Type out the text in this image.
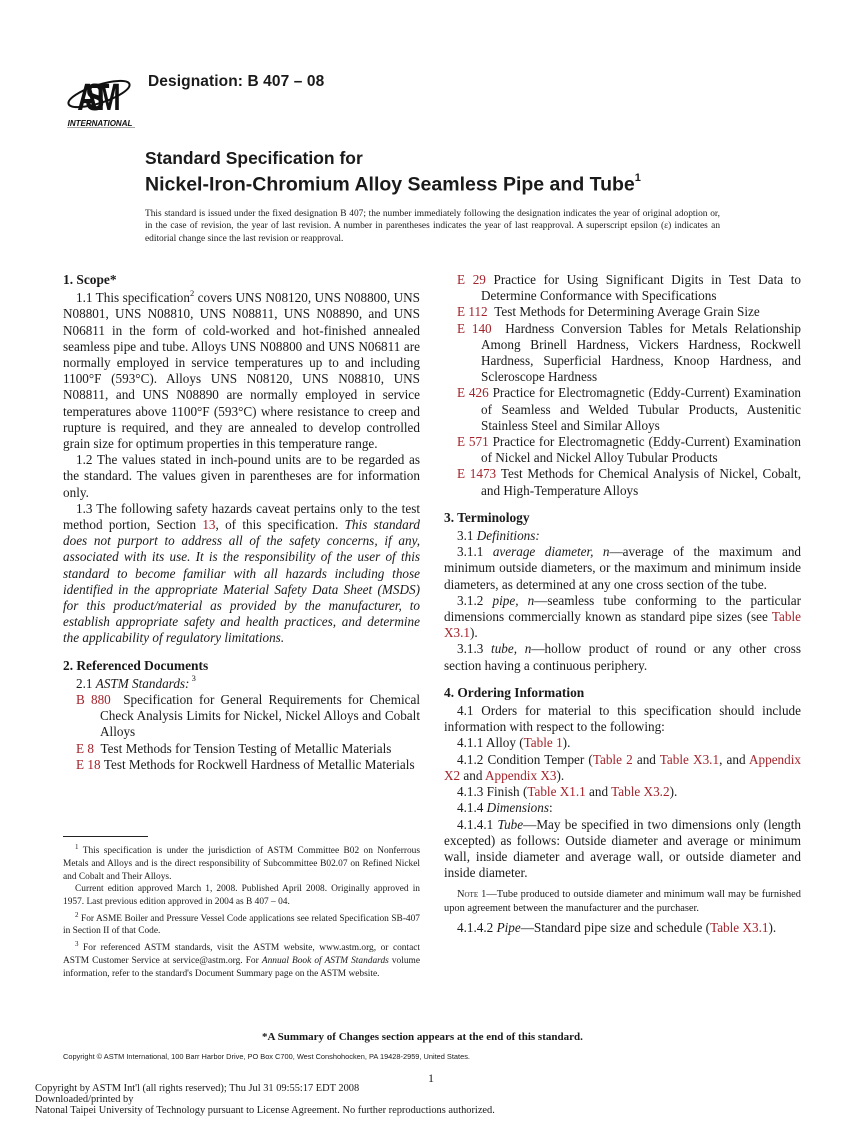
ASTM
INTERNATIONAL
Designation: B 407 – 08
Standard Specification for
Nickel-Iron-Chromium Alloy Seamless Pipe and Tube$^1$
This standard is issued under the fixed designation B 407; the number immediately following the designation indicates the year of original adoption or, in the case of revision, the year of last revision. A number in parentheses indicates the year of last reapproval. A superscript epsilon (ε) indicates an editorial change since the last revision or reapproval.

1. Scope*

1.1 This specification$^2$ covers UNS N08120, UNS N08800, UNS N08801, UNS N08810, UNS N08811, UNS N08890, and UNS N06811 in the form of cold-worked and hot-finished annealed seamless pipe and tube. Alloys UNS N08800 and UNS N06811 are normally employed in service temperatures up to and including 1100°F (593°C). Alloys UNS N08120, UNS N08810, UNS N08811, and UNS N08890 are normally employed in service temperatures above 1100°F (593°C) where resistance to creep and rupture is required, and they are annealed to develop controlled grain size for optimum properties in this temperature range.

1.2 The values stated in inch-pound units are to be regarded as the standard. The values given in parentheses are for information only.

1.3 The following safety hazards caveat pertains only to the test method portion, Section 13, of this specification. This standard does not purport to address all of the safety concerns, if any, associated with its use. It is the responsibility of the user of this standard to become familiar with all hazards including those identified in the appropriate Material Safety Data Sheet (MSDS) for this product/material as provided by the manufacturer, to establish appropriate safety and health practices, and determine the applicability of regulatory limitations.

2. Referenced Documents

2.1 ASTM Standards: $^3$

B 880 Specification for General Requirements for Chemical Check Analysis Limits for Nickel, Nickel Alloys and Cobalt Alloys

E 8 Test Methods for Tension Testing of Metallic Materials

E 18 Test Methods for Rockwell Hardness of Metallic Materials

$^1$ This specification is under the jurisdiction of ASTM Committee B02 on Nonferrous Metals and Alloys and is the direct responsibility of Subcommittee B02.07 on Refined Nickel and Cobalt and Their Alloys.

Current edition approved March 1, 2008. Published April 2008. Originally approved in 1957. Last previous edition approved in 2004 as B 407 – 04.

$^2$ For ASME Boiler and Pressure Vessel Code applications see related Specification SB-407 in Section II of that Code.

$^3$ For referenced ASTM standards, visit the ASTM website, www.astm.org, or contact ASTM Customer Service at service@astm.org. For Annual Book of ASTM Standards volume information, refer to the standard's Document Summary page on the ASTM website.

E 29 Practice for Using Significant Digits in Test Data to Determine Conformance with Specifications

E 112 Test Methods for Determining Average Grain Size

E 140 Hardness Conversion Tables for Metals Relationship Among Brinell Hardness, Vickers Hardness, Rockwell Hardness, Superficial Hardness, Knoop Hardness, and Scleroscope Hardness

E 426 Practice for Electromagnetic (Eddy-Current) Examination of Seamless and Welded Tubular Products, Austenitic Stainless Steel and Similar Alloys

E 571 Practice for Electromagnetic (Eddy-Current) Examination of Nickel and Nickel Alloy Tubular Products

E 1473 Test Methods for Chemical Analysis of Nickel, Cobalt, and High-Temperature Alloys

3. Terminology

3.1 Definitions:

3.1.1 average diameter, n—average of the maximum and minimum outside diameters, or the maximum and minimum inside diameters, as determined at any one cross section of the tube.

3.1.2 pipe, n—seamless tube conforming to the particular dimensions commercially known as standard pipe sizes (see Table X3.1).

3.1.3 tube, n—hollow product of round or any other cross section having a continuous periphery.

4. Ordering Information

4.1 Orders for material to this specification should include information with respect to the following:

4.1.1 Alloy (Table 1).

4.1.2 Condition Temper (Table 2 and Table X3.1, and Appendix X2 and Appendix X3).

4.1.3 Finish (Table X1.1 and Table X3.2).

4.1.4 Dimensions:

4.1.4.1 Tube—May be specified in two dimensions only (length excepted) as follows: Outside diameter and average or minimum wall, inside diameter and average wall, or outside diameter and inside diameter.

Note 1—Tube produced to outside diameter and minimum wall may be furnished upon agreement between the manufacturer and the purchaser.

4.1.4.2 Pipe—Standard pipe size and schedule (Table X3.1).

*A Summary of Changes section appears at the end of this standard.
Copyright © ASTM International, 100 Barr Harbor Drive, PO Box C700, West Conshohocken, PA 19428-2959, United States.
1
Copyright by ASTM Int'l (all rights reserved); Thu Jul 31 09:55:17 EDT 2008
Downloaded/printed by
Natonal Taipei University of Technology pursuant to License Agreement. No further reproductions authorized.
